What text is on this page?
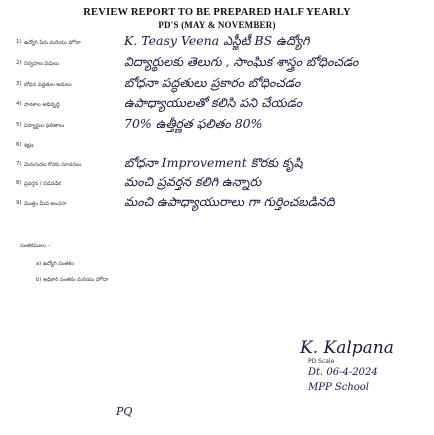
REVIEW REPORT TO BE PREPARED HALF YEARLY
PD'S (MAY & NOVEMBER)
1) ఉద్యోగి పేరు మరియు హోదా	K. Teasy Veena ఎస్జీటీ BS ఉద్యోగి
2) నిర్వహణ విధులు	విద్యార్థులకు తెలుగు , సాంఘిక శాస్త్రం బోధించడం
3) బోధన పద్ధతుల అమలు	బోధనా పద్ధతులు ప్రకారం బోధించడం
4) పాఠశాల అభివృద్ధి	ఉపాధ్యాయులతో కలిసి పని చేయడం
5) విద్యార్థుల ఫలితాలు	70% ఉత్తీర్ణత ఫలితం 80%
6) శిక్షణ
7) మెరుగుదల కొరకు సూచనలు	బోధనా Improvement కొరకు కృషి
8) ప్రవర్తన / నడవడిక	మంచి ప్రవర్తన కలిగి ఉన్నారు
9) మొత్తం మీద అంచనా	మంచి ఉపాధ్యాయురాలు గా గుర్తించబడినది
సంతకములు –
a) ఉద్యోగి సంతకం
b) అధికారి సంతకం మరియు హోదా
K. Kalpana
PD Scale
Dt. 06-4-2024
MPP School
PQ
